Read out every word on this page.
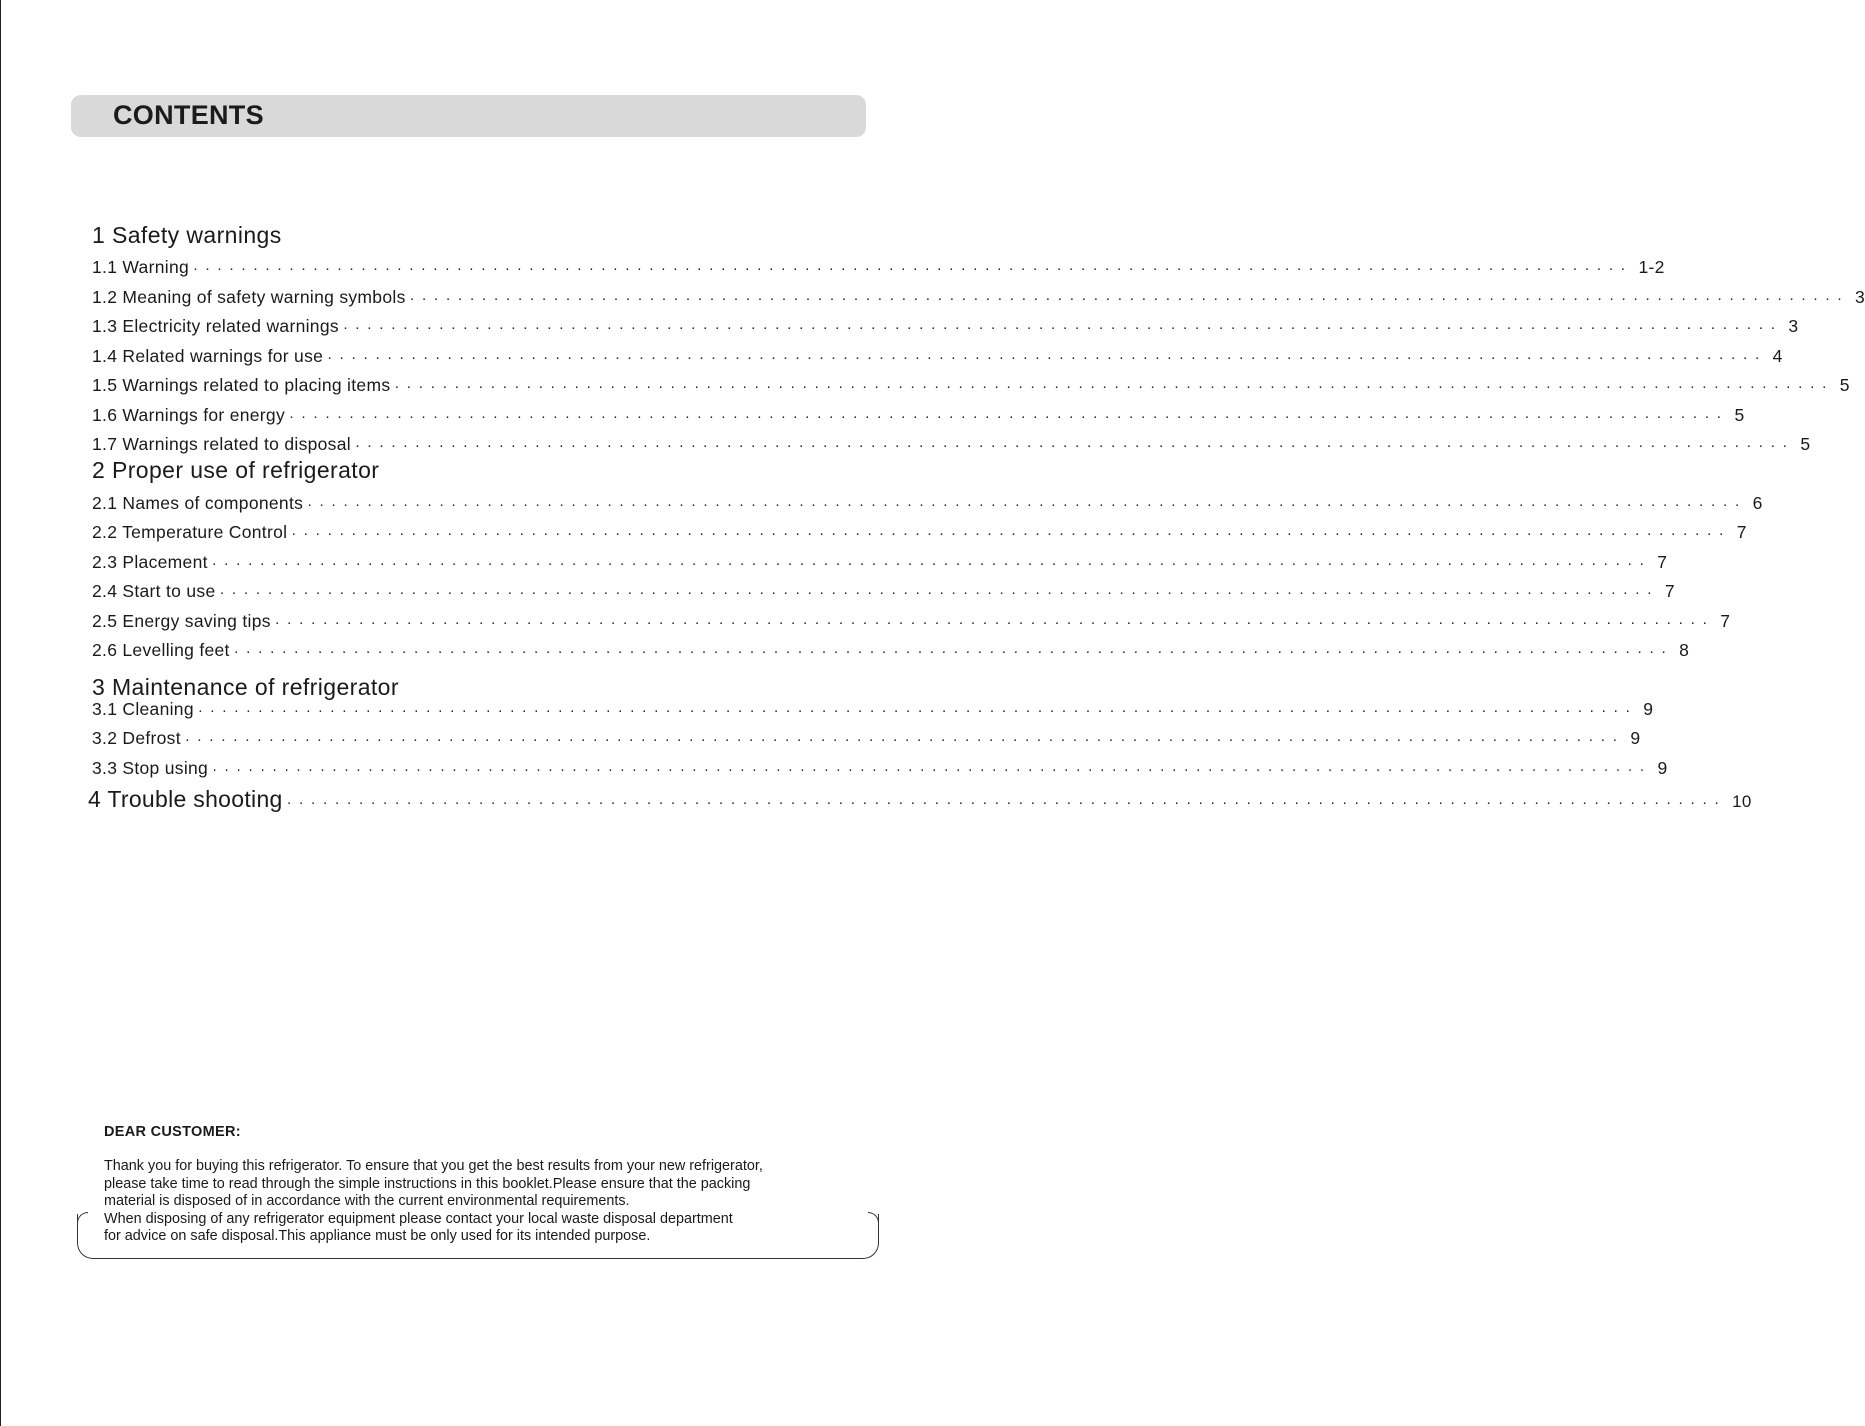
CONTENTS
1 Safety warnings
1.1 Warning ························································································································ 1-2
1.2 Meaning of safety warning symbols ························································································································ 3
1.3 Electricity related warnings ························································································································ 3
1.4 Related warnings for use ························································································································ 4
1.5 Warnings related to placing items ························································································································ 5
1.6 Warnings for energy ························································································································ 5
1.7 Warnings related to disposal ························································································································ 5
2 Proper use of refrigerator
2.1 Names of components ························································································································ 6
2.2 Temperature Control ························································································································ 7
2.3 Placement ························································································································ 7
2.4 Start to use ························································································································ 7
2.5 Energy saving tips ························································································································ 7
2.6 Levelling feet ························································································································ 8
3 Maintenance of refrigerator
3.1 Cleaning ························································································································ 9
3.2 Defrost ························································································································ 9
3.3 Stop using ························································································································ 9
4 Trouble shooting ························································································································ 10
DEAR CUSTOMER:
Thank you for buying this refrigerator. To ensure that you get the best results from your new refrigerator,
please take time to read through the simple instructions in this booklet.Please ensure that the packing
material is disposed of in accordance with the current environmental requirements.
When disposing of any refrigerator equipment please contact your local waste disposal department
for advice on safe disposal.This appliance must be only used for its intended purpose.
